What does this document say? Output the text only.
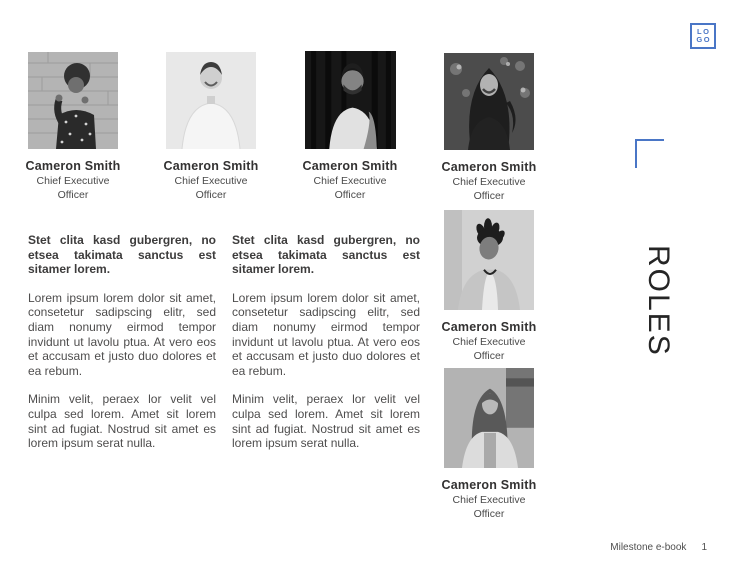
LO
GO
Cameron Smith
Chief Executive Officer
Cameron Smith
Chief Executive Officer
Cameron Smith
Chief Executive Officer
Cameron Smith
Chief Executive Officer

Stet clita kasd gubergren, no etsea takimata sanctus est sitamer lorem.

Lorem ipsum lorem dolor sit amet, consetetur sadipscing elitr, sed diam nonumy eirmod tempor invidunt ut lavolu ptua. At vero eos et accusam et justo duo dolores et ea rebum.

Minim velit, peraex lor velit vel culpa sed lorem. Amet sit lorem sint ad fugiat. Nostrud sit amet es lorem ipsum serat nulla.

Stet clita kasd gubergren, no etsea takimata sanctus est sitamer lorem.

Lorem ipsum lorem dolor sit amet, consetetur sadipscing elitr, sed diam nonumy eirmod tempor invidunt ut lavolu ptua. At vero eos et accusam et justo duo dolores et ea rebum.

Minim velit, peraex lor velit vel culpa sed lorem. Amet sit lorem sint ad fugiat. Nostrud sit amet es lorem ipsum serat nulla.

Cameron Smith
Chief Executive Officer
Cameron Smith
Chief Executive Officer
ROLES
Milestone e-book 1
